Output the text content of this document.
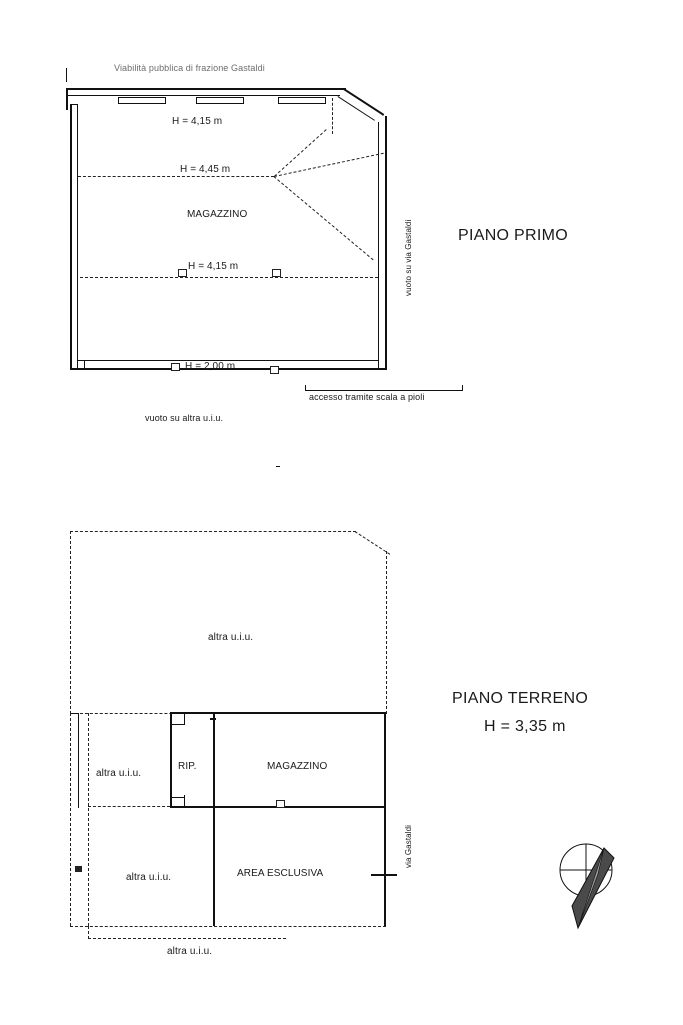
Viabilità pubblica di frazione Gastaldi
H = 4,15 m
H = 4,45 m
H = 4,15 m
H = 2,00 m
MAGAZZINO
vuoto su via Gastaldi
accesso tramite scala a pioli
vuoto su altra u.i.u.
PIANO PRIMO
altra u.i.u.
altra u.i.u.
RIP.	MAGAZZINO
altra u.i.u.	AREA ESCLUSIVA
altra u.i.u.
via Gastaldi
PIANO TERRENO
H = 3,35 m
